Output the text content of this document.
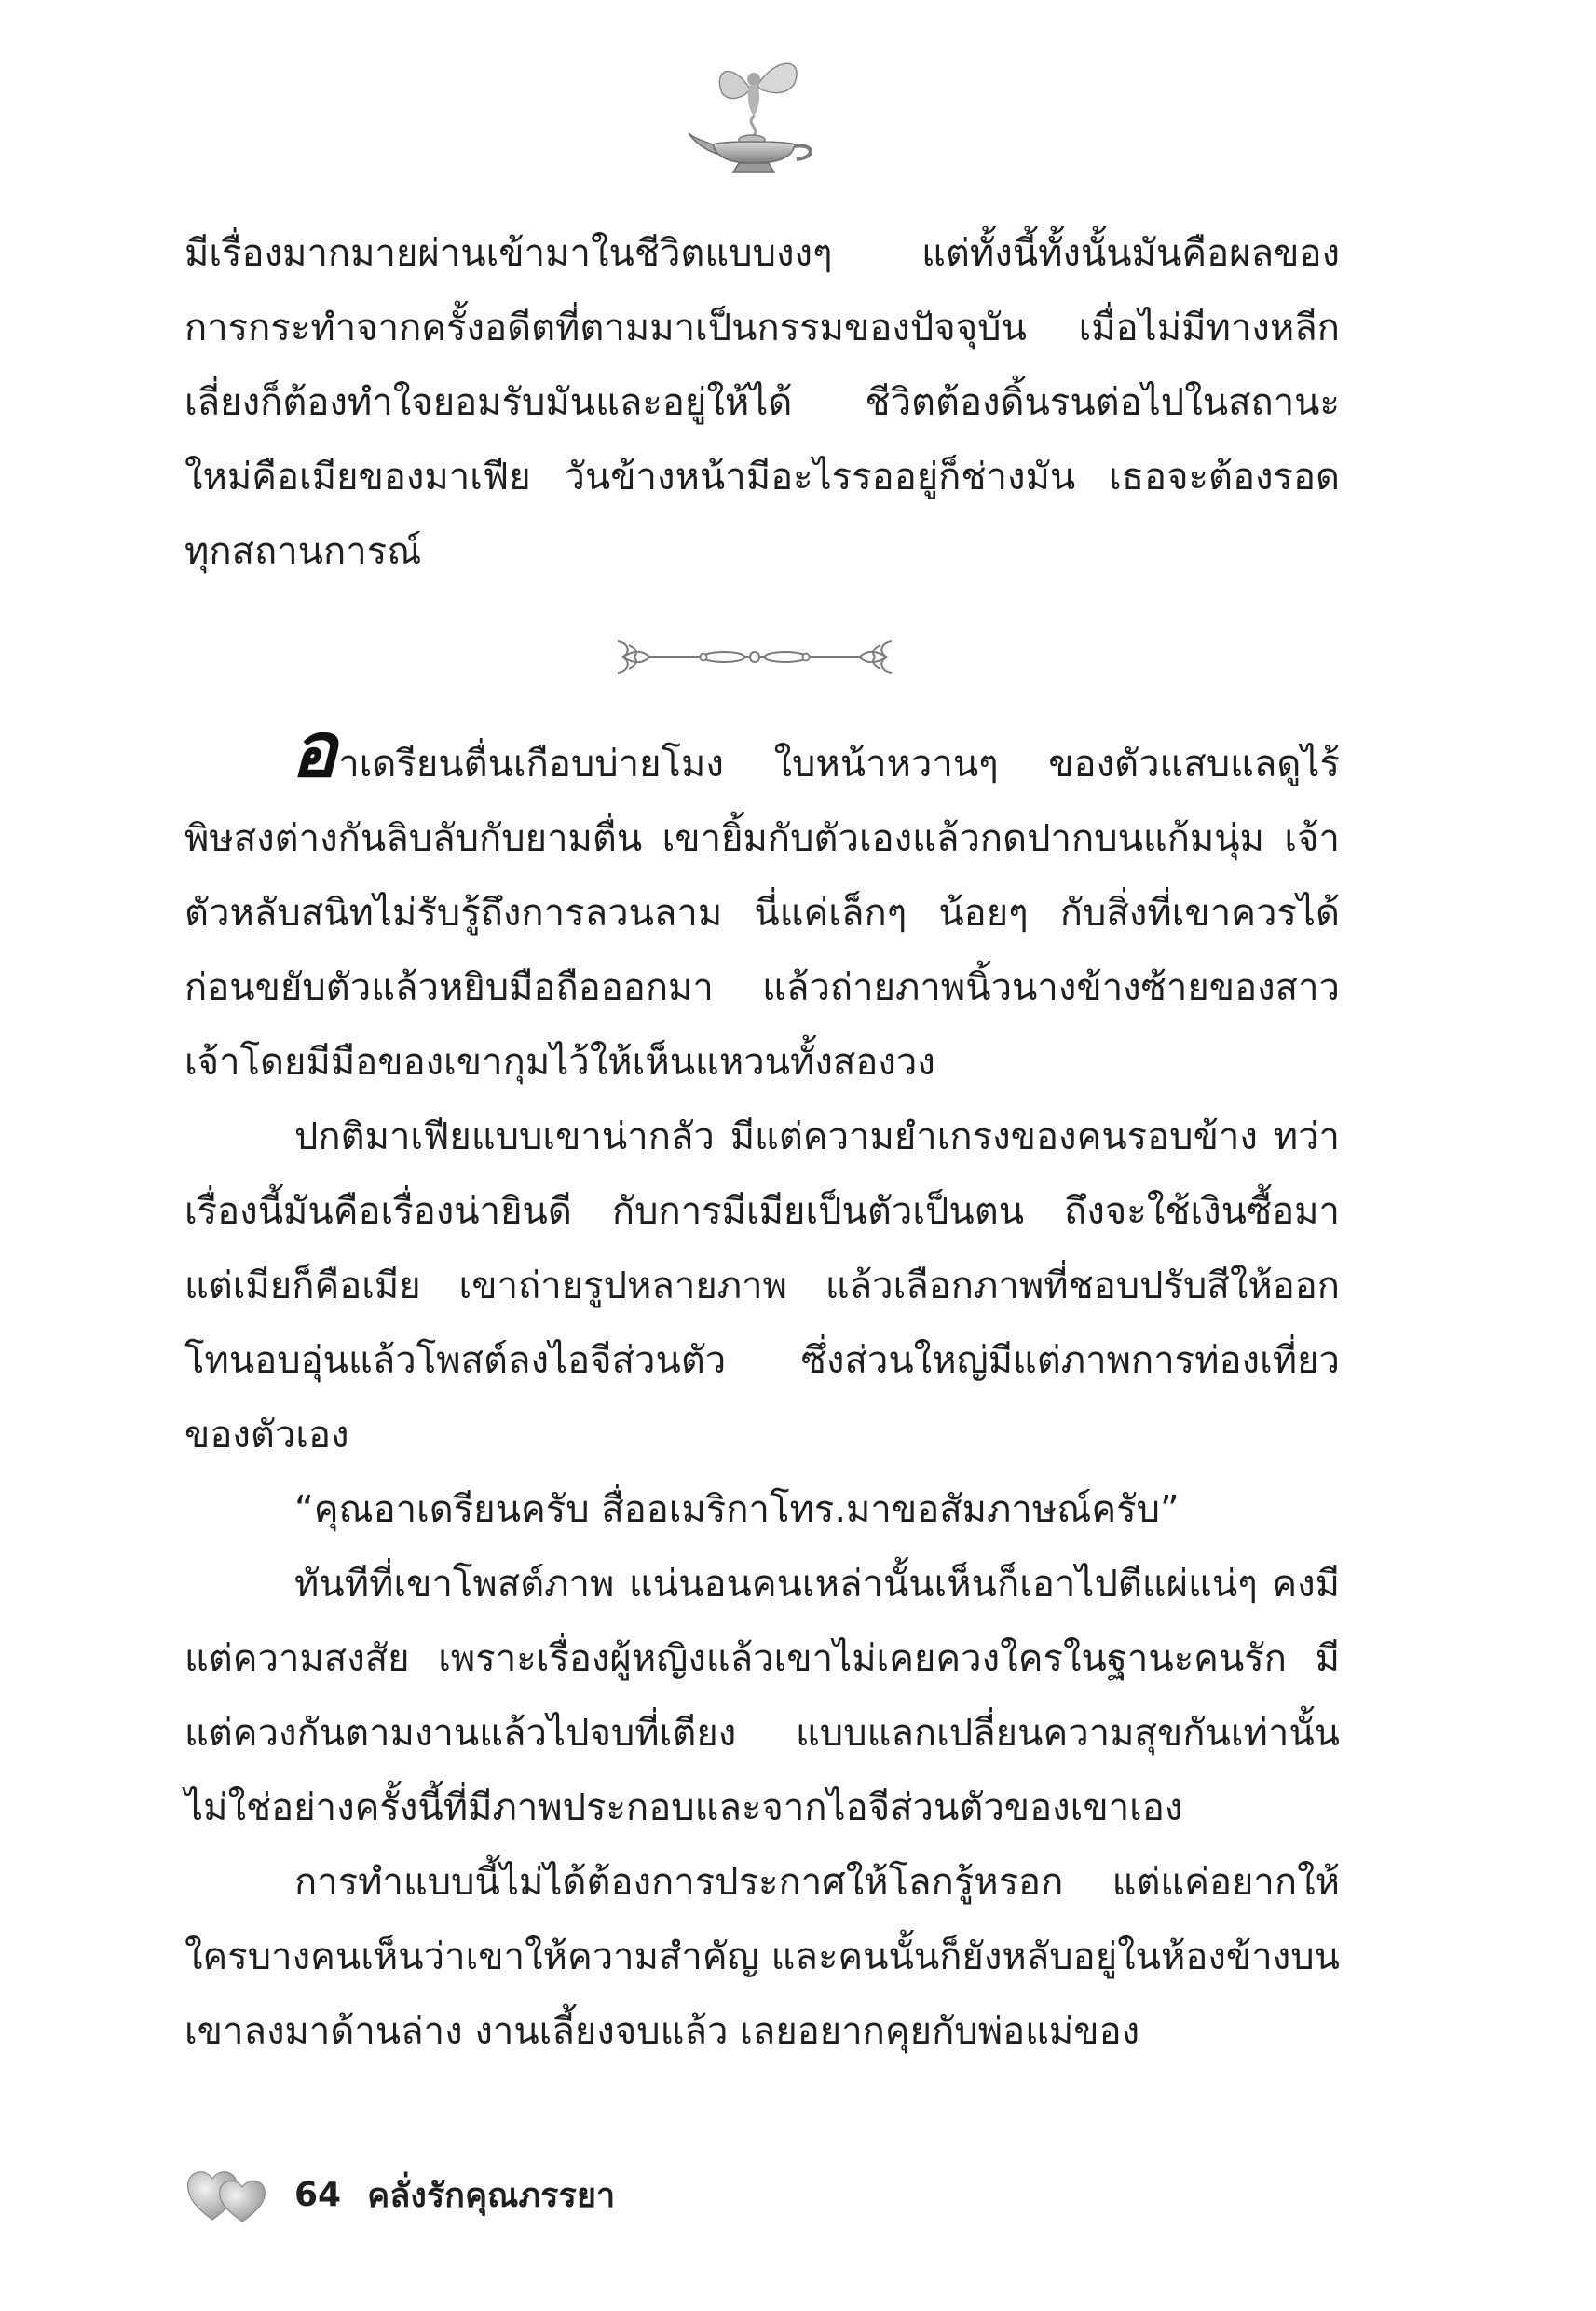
มีเรื่องมากมายผ่านเข้ามาในชีวิตแบบงงๆ แต่ทั้งนี้ทั้งนั้นมันคือผลของการกระทำจากครั้งอดีตที่ตามมาเป็นกรรมของปัจจุบัน เมื่อไม่มีทางหลีกเลี่ยงก็ต้องทำใจยอมรับมันและอยู่ให้ได้ ชีวิตต้องดิ้นรนต่อไปในสถานะใหม่คือเมียของมาเฟีย วันข้างหน้ามีอะไรรออยู่ก็ช่างมัน เธอจะต้องรอดทุกสถานการณ์

อาเดรียนตื่นเกือบบ่ายโมง ใบหน้าหวานๆ ของตัวแสบแลดูไร้พิษสงต่างกันลิบลับกับยามตื่น เขายิ้มกับตัวเองแล้วกดปากบนแก้มนุ่ม เจ้าตัวหลับสนิทไม่รับรู้ถึงการลวนลาม นี่แค่เล็กๆ น้อยๆ กับสิ่งที่เขาควรได้ ก่อนขยับตัวแล้วหยิบมือถือออกมา แล้วถ่ายภาพนิ้วนางข้างซ้ายของสาวเจ้าโดยมีมือของเขากุมไว้ให้เห็นแหวนทั้งสองวง

ปกติมาเฟียแบบเขาน่ากลัว มีแต่ความยำเกรงของคนรอบข้าง ทว่าเรื่องนี้มันคือเรื่องน่ายินดี กับการมีเมียเป็นตัวเป็นตน ถึงจะใช้เงินซื้อมา แต่เมียก็คือเมีย เขาถ่ายรูปหลายภาพ แล้วเลือกภาพที่ชอบปรับสีให้ออกโทนอบอุ่นแล้วโพสต์ลงไอจีส่วนตัว ซึ่งส่วนใหญ่มีแต่ภาพการท่องเที่ยวของตัวเอง

“คุณอาเดรียนครับ สื่ออเมริกาโทร.มาขอสัมภาษณ์ครับ”

ทันทีที่เขาโพสต์ภาพ แน่นอนคนเหล่านั้นเห็นก็เอาไปตีแผ่แน่ๆ คงมีแต่ความสงสัย เพราะเรื่องผู้หญิงแล้วเขาไม่เคยควงใครในฐานะคนรัก มีแต่ควงกันตามงานแล้วไปจบที่เตียง แบบแลกเปลี่ยนความสุขกันเท่านั้น ไม่ใช่อย่างครั้งนี้ที่มีภาพประกอบและจากไอจีส่วนตัวของเขาเอง

การทำแบบนี้ไม่ได้ต้องการประกาศให้โลกรู้หรอก แต่แค่อยากให้ใครบางคนเห็นว่าเขาให้ความสำคัญ และคนนั้นก็ยังหลับอยู่ในห้องข้างบน เขาลงมาด้านล่าง งานเลี้ยงจบแล้ว เลยอยากคุยกับพ่อแม่ของ

64 คลั่งรักคุณภรรยา
